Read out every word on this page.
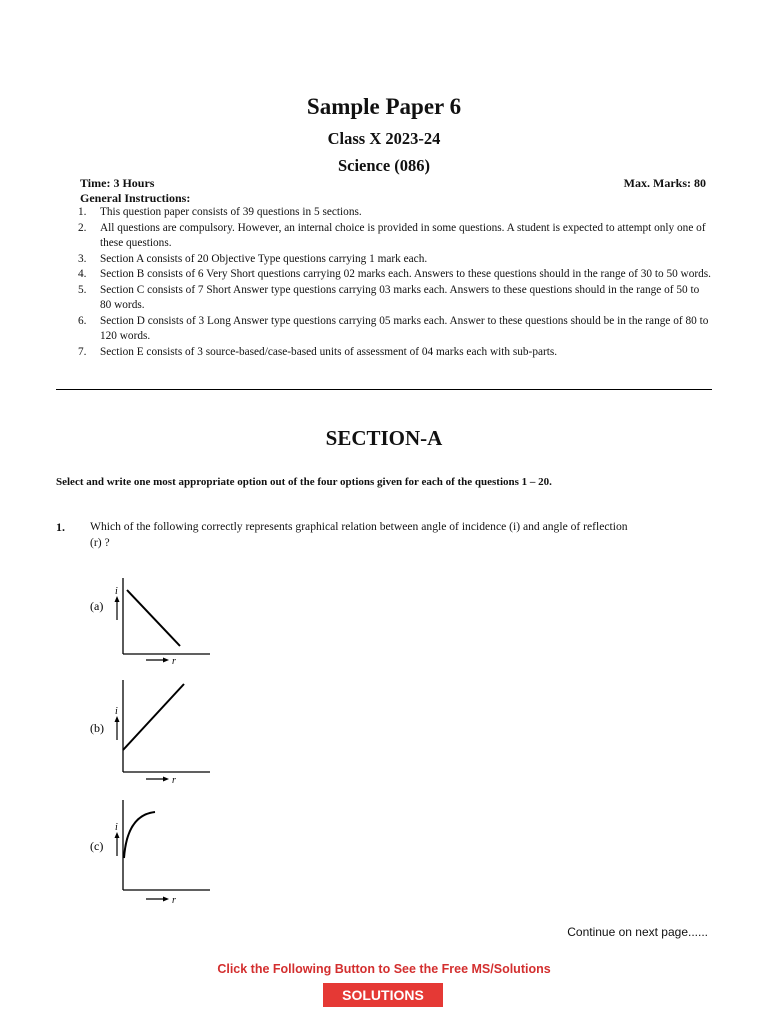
Sample Paper 6
Class X 2023-24
Science (086)
Time: 3 Hours	Max. Marks: 80
General Instructions:
1. This question paper consists of 39 questions in 5 sections.
2. All questions are compulsory. However, an internal choice is provided in some questions. A student is expected to attempt only one of these questions.
3. Section A consists of 20 Objective Type questions carrying 1 mark each.
4. Section B consists of 6 Very Short questions carrying 02 marks each. Answers to these questions should in the range of 30 to 50 words.
5. Section C consists of 7 Short Answer type questions carrying 03 marks each. Answers to these questions should in the range of 50 to 80 words.
6. Section D consists of 3 Long Answer type questions carrying 05 marks each. Answer to these questions should be in the range of 80 to 120 words.
7. Section E consists of 3 source-based/case-based units of assessment of 04 marks each with sub-parts.
SECTION-A
Select and write one most appropriate option out of the four options given for each of the questions 1 – 20.
1. Which of the following correctly represents graphical relation between angle of incidence (i) and angle of reflection
(r) ?
(a)
i
r
(b)
i
r
(c)
i
r
Continue on next page......
Click the Following Button to See the Free MS/Solutions
SOLUTIONS
